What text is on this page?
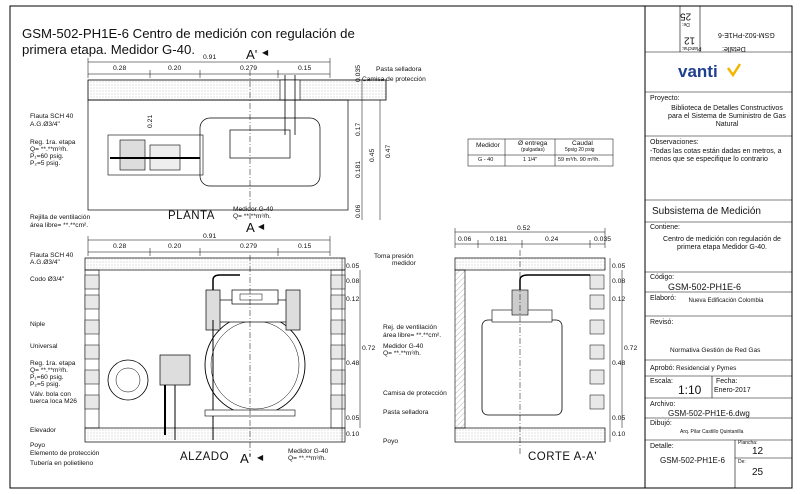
GSM-502-PH1E-6 Centro de medición con regulación de
primera etapa. Medidor G-40.	A' ◀
A ◀
A' ◀
0.91
0.28	0.20	0.279	0.15	0.035
0.21
0.17
0.45
0.181
0.47
0.06
Pasta selladora
Camisa de protección
Flauta SCH 40
A.G.Ø3/4"
Reg. 1ra. etapa
Q= **.**m³/h.
P₁=60 psig.
P₂=5 psig.
Medidor G-40
Q= **.**m³/h.
Rejilla de ventilación
área libre= **.**cm².
PLANTA
Medidor	Ø entrega
(pulgadas)
Caudal
5psig 20 psig
G - 40	1 1/4"	59 m³/h. 90 m³/h.
0.91
0.28	0.20	0.279	0.15
0.05
0.08
0.12
0.72
0.48
0.05
0.10
Flauta SCH 40
A.G.Ø3/4"
Codo Ø3/4"
Niple
Universal
Reg. 1ra. etapa
Q= **.**m³/h.
P₁=60 psig.
P₂=5 psig.
Válv. bola con
tuerca loca M26
Elevador
Poyo
Elemento de protección
Tubería en polietileno
ALZADO	Medidor G-40
Q= **.**m³/h.
Toma presión
medidor
Rej. de ventilación
área libre= **.**cm².
Medidor G-40
Q= **.**m³/h.
Camisa de protección
Pasta selladora
Poyo
0.52
0.06	0.181	0.24	0.035
0.05
0.08
0.12
0.72
0.48
0.05
0.10
CORTE A-A'
Detalle:
GSM-502-PH1E-6
Plancha:
12
De:
25
vanti
Proyecto:
Biblioteca de Detalles Constructivos para el Sistema de Suministro de Gas Natural
Observaciones:
-Todas las cotas están dadas en metros, a menos que se especifique lo contrario
Subsistema de Medición
Contiene:
Centro de medición con regulación de primera etapa Medidor G-40.
Código:
GSM-502-PH1E-6
Elaboró:	Nueva Edificación Colombia
Revisó:
Normativa Gestión de Red Gas
Aprobó: Residencial y Pymes
Escala:
1:10
Fecha:
Enero-2017
Archivo:
GSM-502-PH1E-6.dwg
Dibujó:
Arq. Pilar Castillo Quintanilla
Detalle:
GSM-502-PH1E-6
Plancha:
12
De:
25
